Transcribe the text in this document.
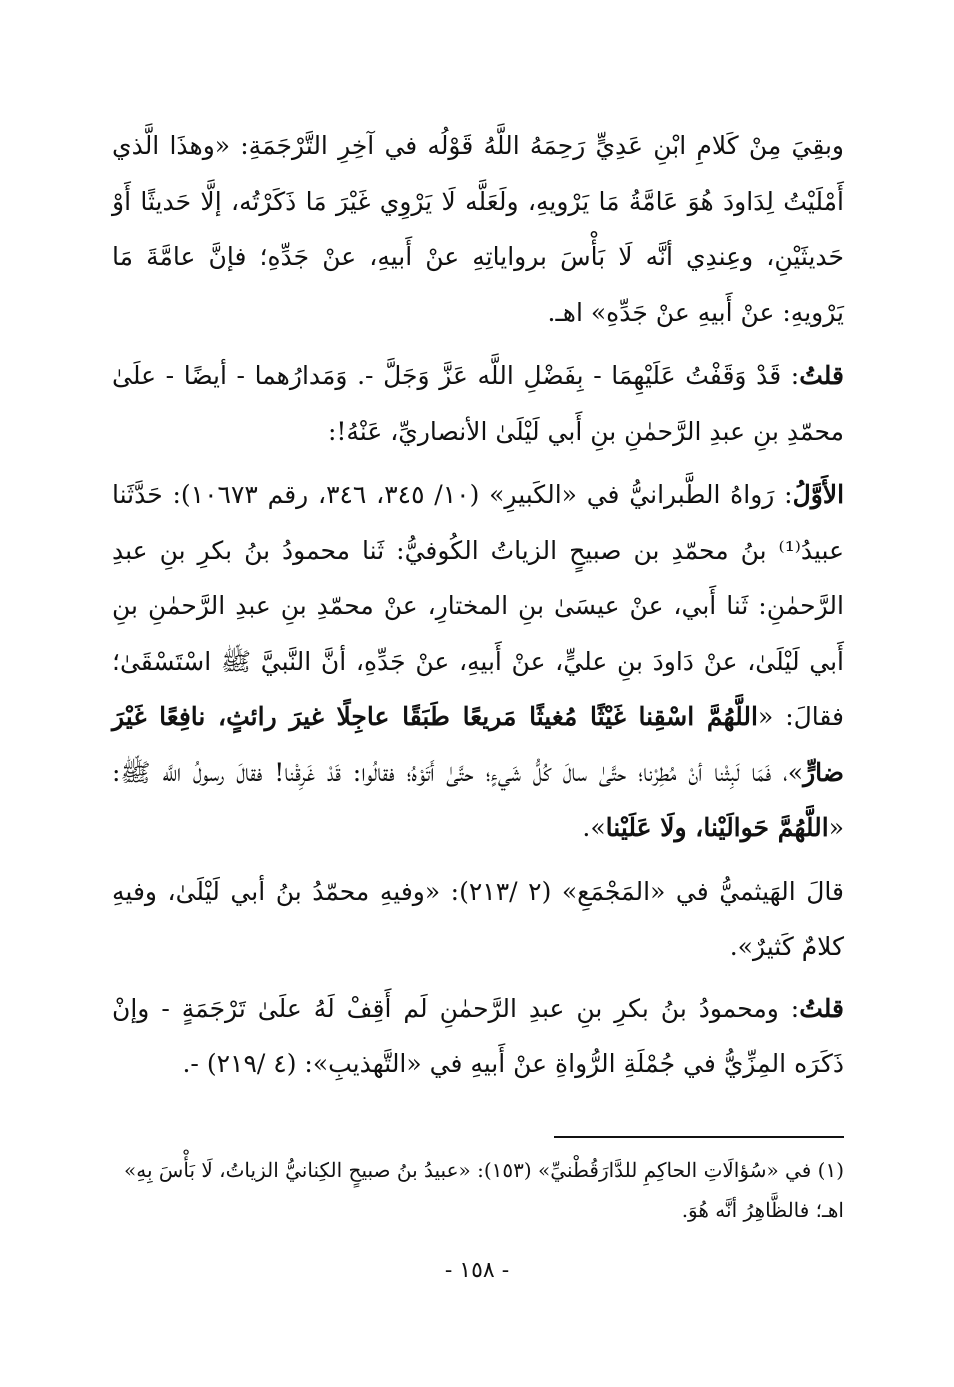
وبقِيَ مِنْ كَلامِ ابْنِ عَدِيٍّ رَحِمَهُ اللَّهُ قَوْلُه في آخِرِ التَّرْجَمَةِ: «وهذَا الَّذي أَمْلَيْتُ لِدَاودَ هُوَ عَامَّةُ مَا يَرْويهِ، ولَعَلَّه لَا يَرْوِي غَيْرَ مَا ذَكَرْتُه، إلَّا حَديثًا أَوْ حَديثَيْنِ، وعِندِي أنَّه لَا بَأْسَ برواياتِهِ عنْ أَبيهِ، عنْ جَدِّهِ؛ فإنَّ عامَّةَ مَا يَرْويهِ: عنْ أَبيهِ عنْ جَدِّهِ» اهـ.

قلتُ: قَدْ وَقَفْتُ عَلَيْهِمَا - بِفَضْلِ اللَّه عَزَّ وَجَلَّ -. وَمَدارُهما - أيضًا - علَىٰ محمّدِ بنِ عبدِ الرَّحمٰنِ بنِ أَبي لَيْلَىٰ الأنصاريِّ، عَنْهُ!:

الأَوَّلُ: رَواهُ الطَّبرانيُّ في «الكَبيرِ» (١٠/ ٣٤٥، ٣٤٦، رقم ١٠٦٧٣): حَدَّثَنا عبيدُ⁽¹⁾ بنُ محمّدِ بن صبيحٍ الزياتُ الكُوفيُّ: ثَنا محمودُ بنُ بكرِ بنِ عبدِ الرَّحمٰنِ: ثَنا أَبي، عنْ عيسَىٰ بنِ المختارِ، عنْ محمّدِ بنِ عبدِ الرَّحمٰنِ بنِ أَبي لَيْلَىٰ، عنْ دَاودَ بنِ عليٍّ، عنْ أَبيهِ، عنْ جَدِّهِ، أنَّ النَّبيَّ ﷺ اسْتَسْقَىٰ؛ فقالَ: «اللَّهُمَّ اسْقِنا غَيْثًا مُغيثًا مَريعًا طَبَقًا عاجِلًا غيرَ رائثٍ، نافِعًا غَيْرَ ضارٍّ»، فَمَا لَبِثْنا أنْ مُطِرْنا؛ حتَّىٰ سالَ كُلُّ شَيءٍ؛ حتَّىٰ أَتَوْهُ؛ فقالُوا: قَدْ غَرِقْنا! فقالَ رسولُ اللَّه ﷺ: «اللَّهُمَّ حَوالَيْنا، ولَا عَلَيْنا».

قالَ الهَيثميُّ في «المَجْمَعِ» (٢ /٢١٣): «وفيهِ محمّدُ بنُ أبي لَيْلَىٰ، وفيهِ كلامٌ كَثيرٌ».

قلتُ: ومحمودُ بنُ بكرِ بنِ عبدِ الرَّحمٰنِ لَم أَقِفْ لَهُ علَىٰ تَرْجَمَةٍ - وإنْ ذَكَرَه المِزِّيُّ في جُمْلَةِ الرُّواةِ عنْ أَبيهِ في «التَّهذيبِ»: (٤ /٢١٩) -.

(١) في «سُؤالَاتِ الحاكِمِ للدَّارَقُطْنيِّ» (١٥٣): «عبيدُ بنُ صبيحٍ الكِنانيُّ الزياتُ، لَا بَأْسَ بِهِ» اهـ؛ فالظَّاهِرُ أنَّه هُوَ.

- ١٥٨ -
